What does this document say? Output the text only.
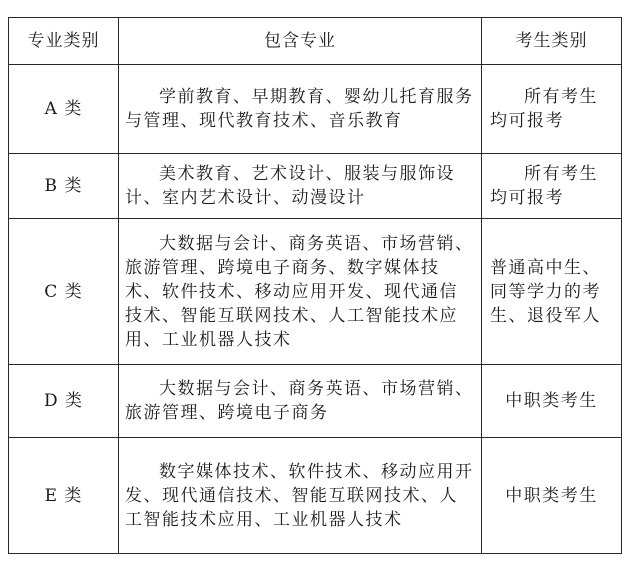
专业类别	包含专业	考生类别
A 类	学前教育、早期教育、婴幼儿托育服务与管理、现代教育技术、音乐教育	所有考生均可报考

B 类	美术教育、艺术设计、服装与服饰设计、室内艺术设计、动漫设计	所有考生均可报考

C 类	大数据与会计、商务英语、市场营销、旅游管理、跨境电子商务、数字媒体技术、软件技术、移动应用开发、现代通信技术、智能互联网技术、人工智能技术应用、工业机器人技术	普通高中生、同等学力的考生、退役军人

D 类	大数据与会计、商务英语、市场营销、旅游管理、跨境电子商务	中职类考生

E 类	数字媒体技术、软件技术、移动应用开发、现代通信技术、智能互联网技术、人工智能技术应用、工业机器人技术	中职类考生
